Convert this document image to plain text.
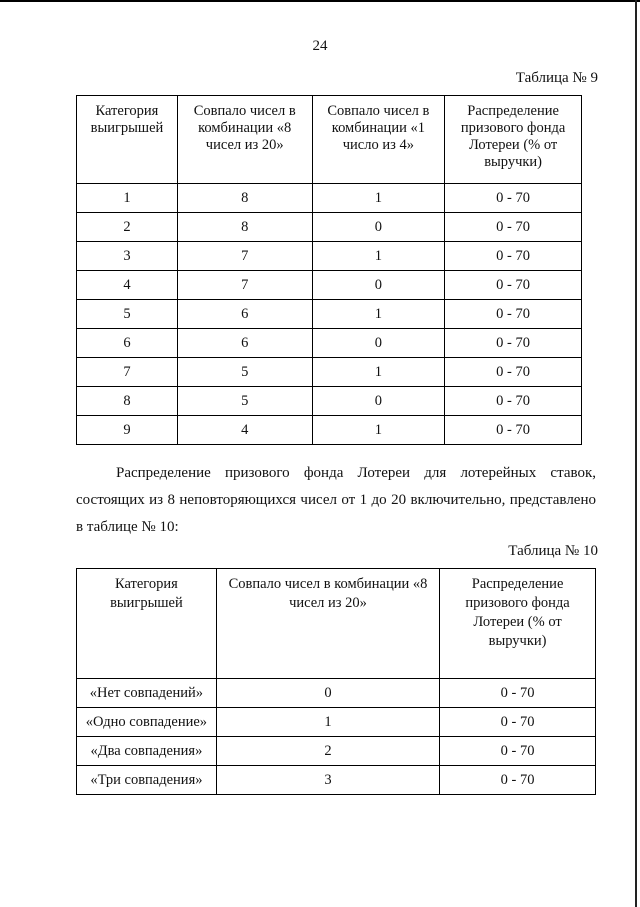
24
Таблица № 9
Категория выигрышей	Совпало чисел в комбинации «8 чисел из 20»	Совпало чисел в комбинации «1 число из 4»	Распределение призового фонда Лотереи (% от выручки)
1	8	1	0 - 70
2	8	0	0 - 70
3	7	1	0 - 70
4	7	0	0 - 70
5	6	1	0 - 70
6	6	0	0 - 70
7	5	1	0 - 70
8	5	0	0 - 70
9	4	1	0 - 70

Распределение призового фонда Лотереи для лотерейных ставок, состоящих из 8 неповторяющихся чисел от 1 до 20 включительно, представлено в таблице № 10:

Таблица № 10
Категория выигрышей	Совпало чисел в комбинации «8 чисел из 20»	Распределение призового фонда Лотереи (% от выручки)
«Нет совпадений»	0	0 - 70
«Одно совпадение»	1	0 - 70
«Два совпадения»	2	0 - 70
«Три совпадения»	3	0 - 70
